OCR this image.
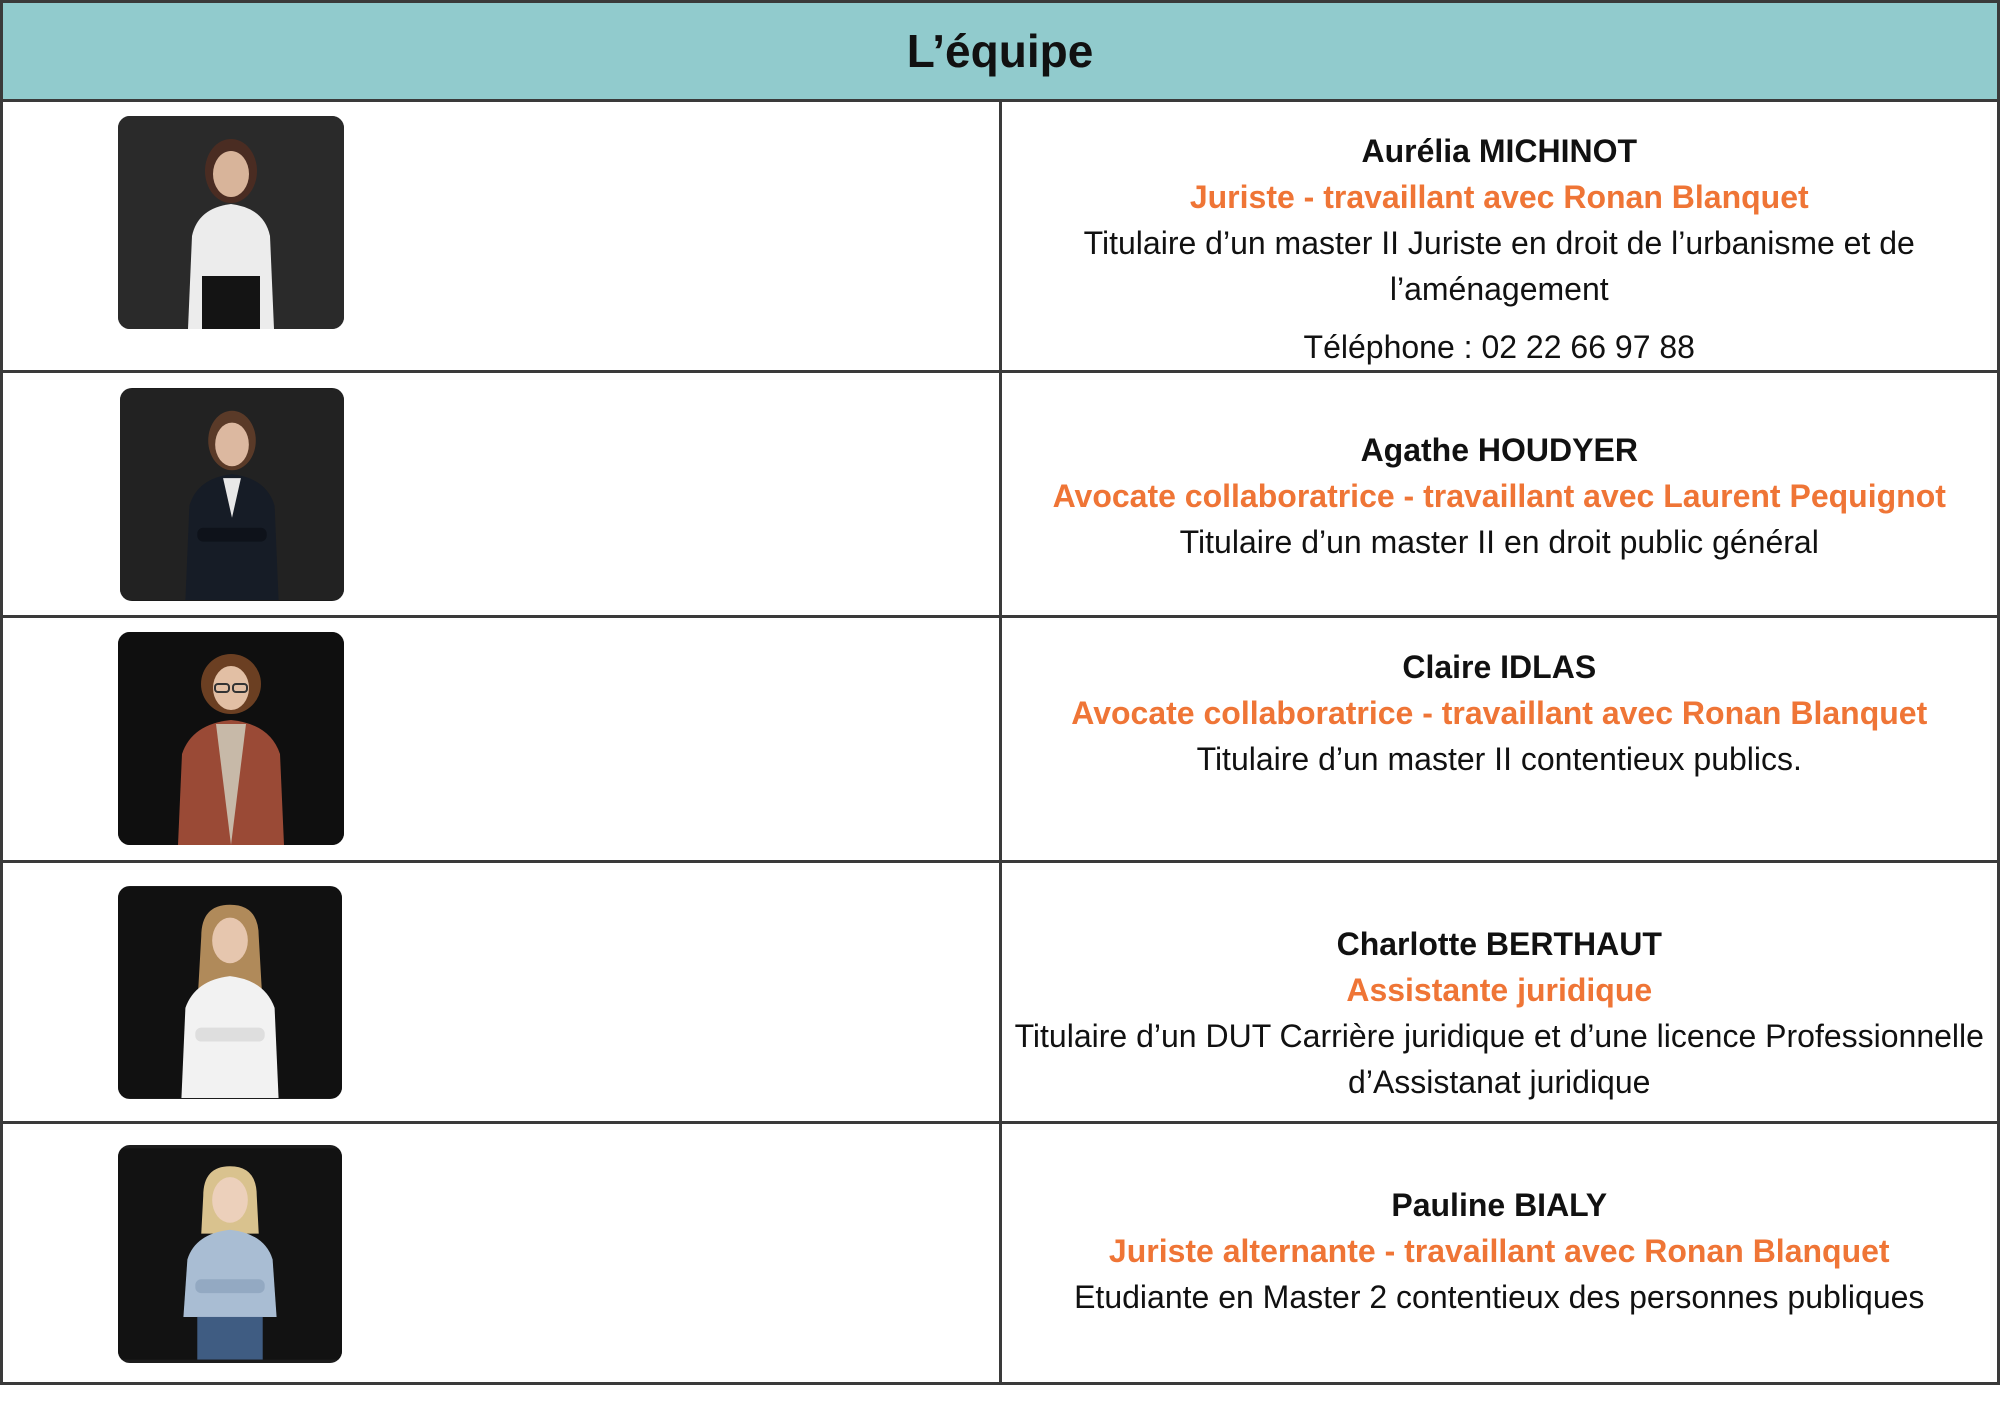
L’équipe	

Aurélia MICHINOT
Juriste - travaillant avec Ronan Blanquet
Titulaire d’un master II Juriste en droit de l’urbanisme et de l’aménagement
Téléphone : 02 22 66 97 88

Agathe HOUDYER
Avocate collaboratrice - travaillant avec Laurent Pequignot
Titulaire d’un master II en droit public général

Claire IDLAS
Avocate collaboratrice - travaillant avec Ronan Blanquet
Titulaire d’un master II contentieux publics.

Charlotte BERTHAUT
Assistante juridique
Titulaire d’un DUT Carrière juridique et d’une licence Professionnelle d’Assistanat juridique

Pauline BIALY
Juriste alternante - travaillant avec Ronan Blanquet
Etudiante en Master 2 contentieux des personnes publiques
